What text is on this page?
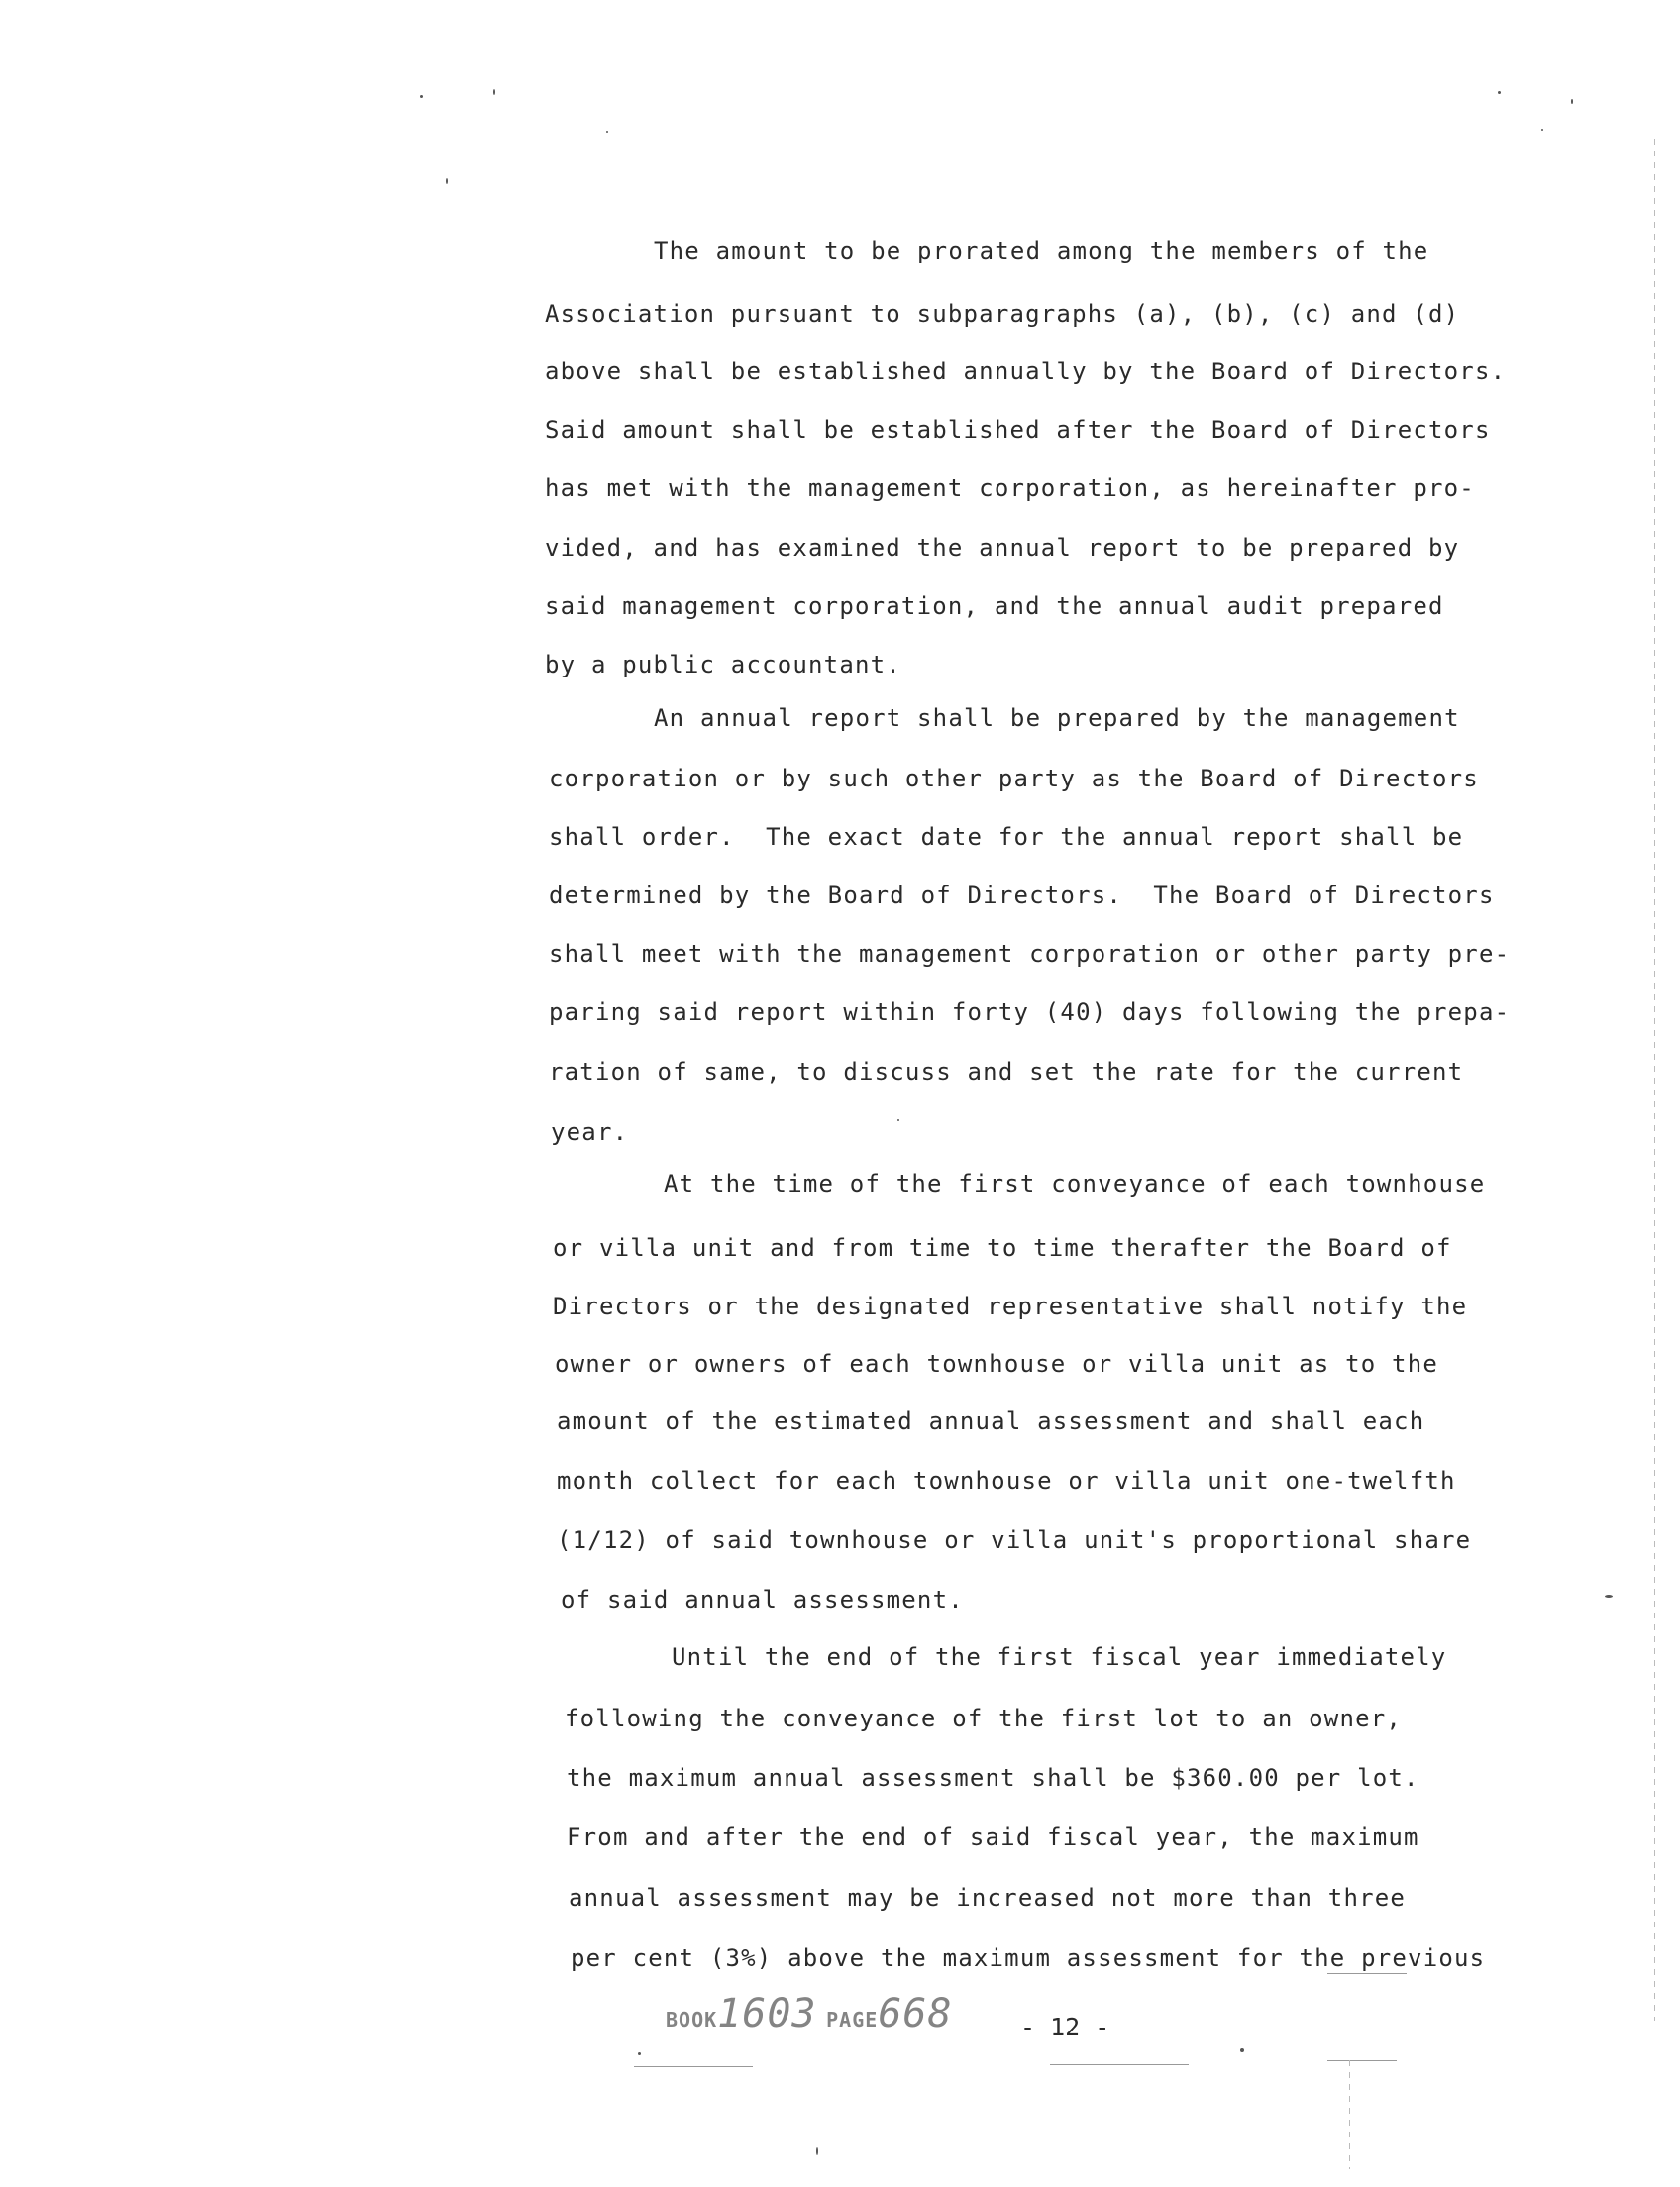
The amount to be prorated among the members of the
Association pursuant to subparagraphs (a), (b), (c) and (d)
above shall be established annually by the Board of Directors.
Said amount shall be established after the Board of Directors
has met with the management corporation, as hereinafter pro-
vided, and has examined the annual report to be prepared by
said management corporation, and the annual audit prepared
by a public accountant.
An annual report shall be prepared by the management
corporation or by such other party as the Board of Directors
shall order.  The exact date for the annual report shall be
determined by the Board of Directors.  The Board of Directors
shall meet with the management corporation or other party pre-
paring said report within forty (40) days following the prepa-
ration of same, to discuss and set the rate for the current
year.
At the time of the first conveyance of each townhouse
or villa unit and from time to time therafter the Board of
Directors or the designated representative shall notify the
owner or owners of each townhouse or villa unit as to the
amount of the estimated annual assessment and shall each
month collect for each townhouse or villa unit one-twelfth
(1/12) of said townhouse or villa unit's proportional share
of said annual assessment.
Until the end of the first fiscal year immediately
following the conveyance of the first lot to an owner,
the maximum annual assessment shall be $360.00 per lot.
From and after the end of said fiscal year, the maximum
annual assessment may be increased not more than three
per cent (3%) above the maximum assessment for the previous
BOOK1603 PAGE668	- 12 -
